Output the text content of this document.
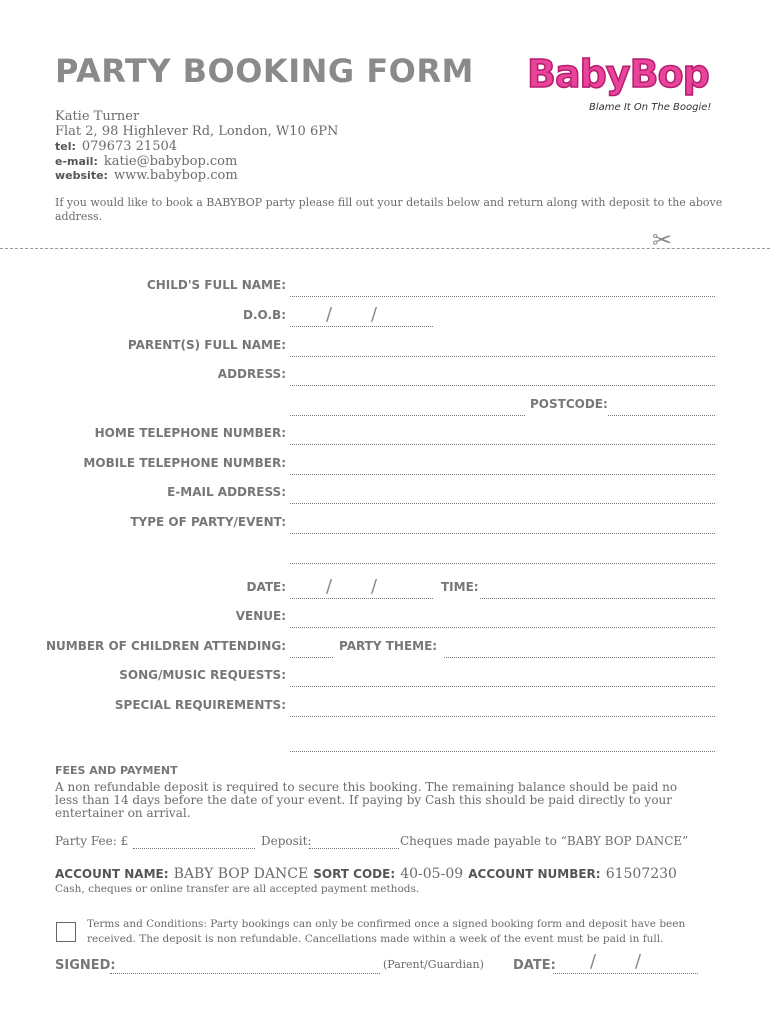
PARTY BOOKING FORM BabyBop
Blame It On The Boogie!
Katie Turner
Flat 2, 98 Highlever Rd, London, W10 6PN
tel: 079673 21504
e-mail: katie@babybop.com
website: www.babybop.com
If you would like to book a BABYBOP party please fill out your details below and return along with deposit to the above address.
✂
CHILD'S FULL NAME:
D.O.B: / /
PARENT(S) FULL NAME:
ADDRESS:
POSTCODE:
HOME TELEPHONE NUMBER:
MOBILE TELEPHONE NUMBER:
E-MAIL ADDRESS:
TYPE OF PARTY/EVENT:
DATE: / /	TIME:
VENUE:
NUMBER OF CHILDREN ATTENDING:	PARTY THEME:
SONG/MUSIC REQUESTS:
SPECIAL REQUIREMENTS:
FEES AND PAYMENT
A non refundable deposit is required to secure this booking. The remaining balance should be paid no less than 14 days before the date of your event. If paying by Cash this should be paid directly to your entertainer on arrival.
Party Fee: £	Deposit:	Cheques made payable to “BABY BOP DANCE”
ACCOUNT NAME: BABY BOP DANCE SORT CODE: 40-05-09 ACCOUNT NUMBER: 61507230
Cash, cheques or online transfer are all accepted payment methods.
Terms and Conditions: Party bookings can only be confirmed once a signed booking form and deposit have been received. The deposit is non refundable. Cancellations made within a week of the event must be paid in full.
SIGNED:	(Parent/Guardian) DATE: / /
